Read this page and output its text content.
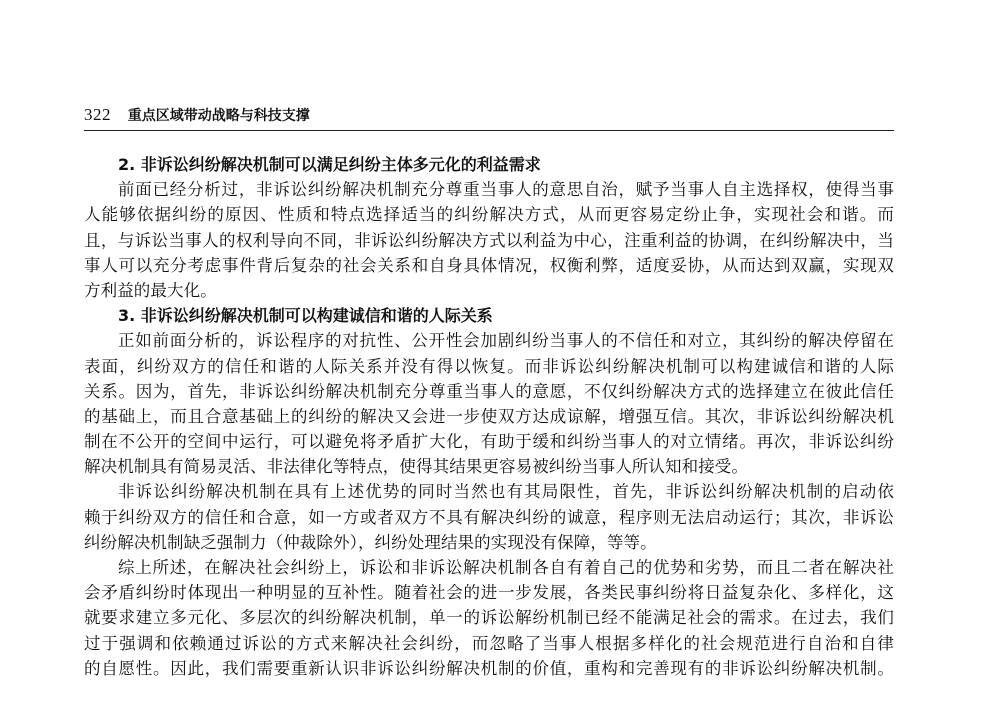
322 重点区域带动战略与科技支撑
2. 非诉讼纠纷解决机制可以满足纠纷主体多元化的利益需求
前面已经分析过，非诉讼纠纷解决机制充分尊重当事人的意思自治，赋予当事人自主选择权，使得当事
人能够依据纠纷的原因、性质和特点选择适当的纠纷解决方式，从而更容易定纷止争，实现社会和谐。而
且，与诉讼当事人的权利导向不同，非诉讼纠纷解决方式以利益为中心，注重利益的协调，在纠纷解决中，当
事人可以充分考虑事件背后复杂的社会关系和自身具体情况，权衡利弊，适度妥协，从而达到双赢，实现双
方利益的最大化。
3. 非诉讼纠纷解决机制可以构建诚信和谐的人际关系
正如前面分析的，诉讼程序的对抗性、公开性会加剧纠纷当事人的不信任和对立，其纠纷的解决停留在
表面，纠纷双方的信任和谐的人际关系并没有得以恢复。而非诉讼纠纷解决机制可以构建诚信和谐的人际
关系。因为，首先，非诉讼纠纷解决机制充分尊重当事人的意愿，不仅纠纷解决方式的选择建立在彼此信任
的基础上，而且合意基础上的纠纷的解决又会进一步使双方达成谅解，增强互信。其次，非诉讼纠纷解决机
制在不公开的空间中运行，可以避免将矛盾扩大化，有助于缓和纠纷当事人的对立情绪。再次，非诉讼纠纷
解决机制具有简易灵活、非法律化等特点，使得其结果更容易被纠纷当事人所认知和接受。
非诉讼纠纷解决机制在具有上述优势的同时当然也有其局限性，首先，非诉讼纠纷解决机制的启动依
赖于纠纷双方的信任和合意，如一方或者双方不具有解决纠纷的诚意，程序则无法启动运行；其次，非诉讼
纠纷解决机制缺乏强制力（仲裁除外），纠纷处理结果的实现没有保障，等等。
综上所述，在解决社会纠纷上，诉讼和非诉讼解决机制各自有着自己的优势和劣势，而且二者在解决社
会矛盾纠纷时体现出一种明显的互补性。随着社会的进一步发展，各类民事纠纷将日益复杂化、多样化，这
就要求建立多元化、多层次的纠纷解决机制，单一的诉讼解纷机制已经不能满足社会的需求。在过去，我们
过于强调和依赖通过诉讼的方式来解决社会纠纷，而忽略了当事人根据多样化的社会规范进行自治和自律
的自愿性。因此，我们需要重新认识非诉讼纠纷解决机制的价值，重构和完善现有的非诉讼纠纷解决机制。
